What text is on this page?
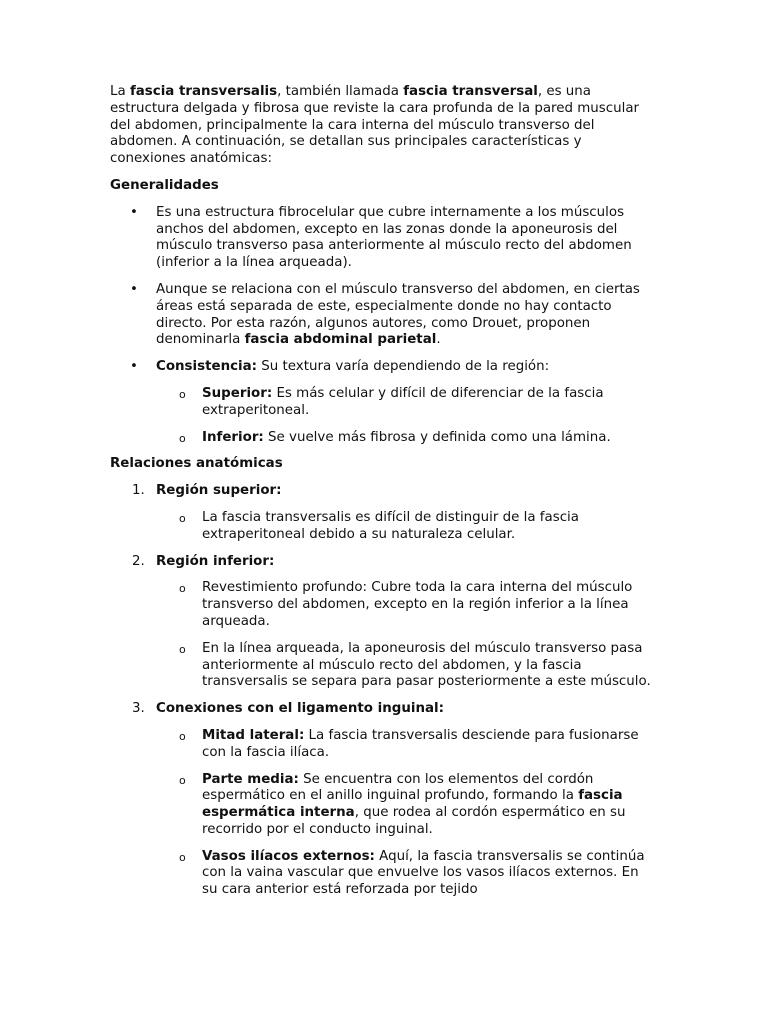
La fascia transversalis, también llamada fascia transversal, es una estructura delgada y fibrosa que reviste la cara profunda de la pared muscular del abdomen, principalmente la cara interna del músculo transverso del abdomen. A continuación, se detallan sus principales características y conexiones anatómicas:

Generalidades

• Es una estructura fibrocelular que cubre internamente a los músculos anchos del abdomen, excepto en las zonas donde la aponeurosis del músculo transverso pasa anteriormente al músculo recto del abdomen (inferior a la línea arqueada).
• Aunque se relaciona con el músculo transverso del abdomen, en ciertas áreas está separada de este, especialmente donde no hay contacto directo. Por esta razón, algunos autores, como Drouet, proponen denominarla fascia abdominal parietal.
• Consistencia: Su textura varía dependiendo de la región:
o Superior: Es más celular y difícil de diferenciar de la fascia extraperitoneal.
o Inferior: Se vuelve más fibrosa y definida como una lámina.

Relaciones anatómicas

1. Región superior:
o La fascia transversalis es difícil de distinguir de la fascia extraperitoneal debido a su naturaleza celular.
2. Región inferior:
o Revestimiento profundo: Cubre toda la cara interna del músculo transverso del abdomen, excepto en la región inferior a la línea arqueada.
o En la línea arqueada, la aponeurosis del músculo transverso pasa anteriormente al músculo recto del abdomen, y la fascia transversalis se separa para pasar posteriormente a este músculo.
3. Conexiones con el ligamento inguinal:
o Mitad lateral: La fascia transversalis desciende para fusionarse con la fascia ilíaca.
o Parte media: Se encuentra con los elementos del cordón espermático en el anillo inguinal profundo, formando la fascia espermática interna, que rodea al cordón espermático en su recorrido por el conducto inguinal.
o Vasos ilíacos externos: Aquí, la fascia transversalis se continúa con la vaina vascular que envuelve los vasos ilíacos externos. En su cara anterior está reforzada por tejido
